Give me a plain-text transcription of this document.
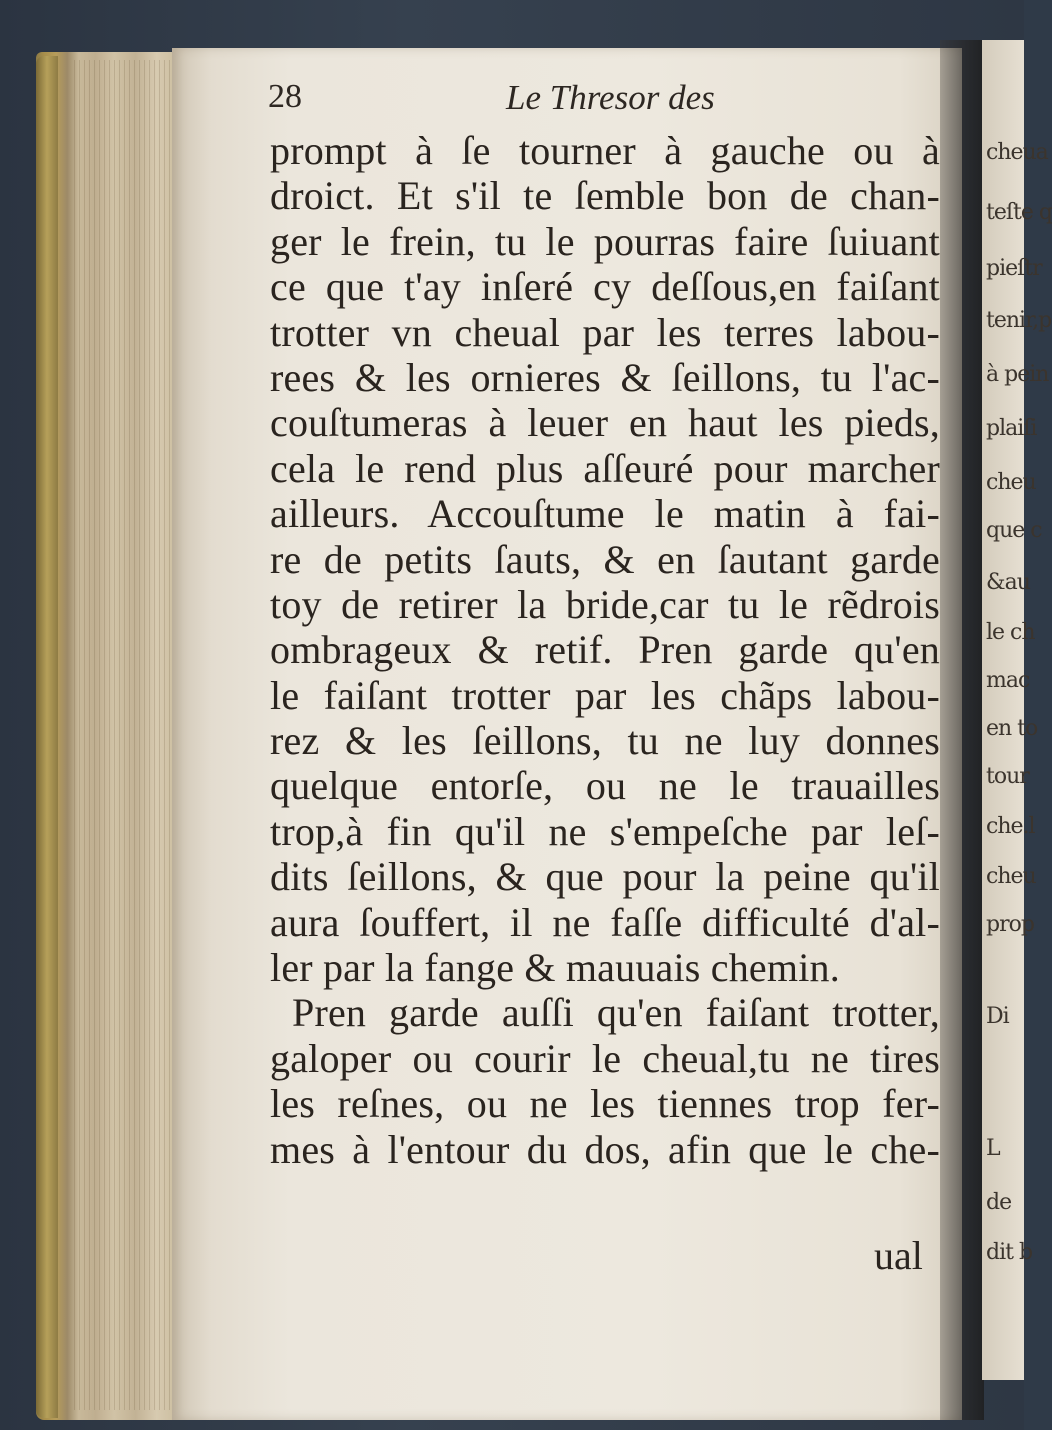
cheua
teſte q
pieſtr
tenir,p
à pein
plaiſi
cheu
que c
&au
le ch
mac
en to
tour
che.l
cheu
prop
Di
L
de
dit b
28	Le Thresor des
prompt à ſe tourner à gauche ou à
droict. Et s'il te ſemble bon de chan-
ger le frein, tu le pourras faire ſuiuant
ce que t'ay inſeré cy deſſous,en faiſant
trotter vn cheual par les terres labou-
rees & les ornieres & ſeillons, tu l'ac-
couſtumeras à leuer en haut les pieds,
cela le rend plus aſſeuré pour marcher
ailleurs. Accouſtume le matin à fai-
re de petits ſauts, & en ſautant garde
toy de retirer la bride,car tu le rẽdrois
ombrageux & retif. Pren garde qu'en
le faiſant trotter par les chãps labou-
rez & les ſeillons, tu ne luy donnes
quelque entorſe, ou ne le trauailles
trop,à fin qu'il ne s'empeſche par leſ-
dits ſeillons, & que pour la peine qu'il
aura ſouffert, il ne faſſe difficulté d'al-
ler par la fange & mauuais chemin.
Pren garde auſſi qu'en faiſant trotter,
galoper ou courir le cheual,tu ne tires
les reſnes, ou ne les tiennes trop fer-
mes à l'entour du dos, afin que le che-
ual
